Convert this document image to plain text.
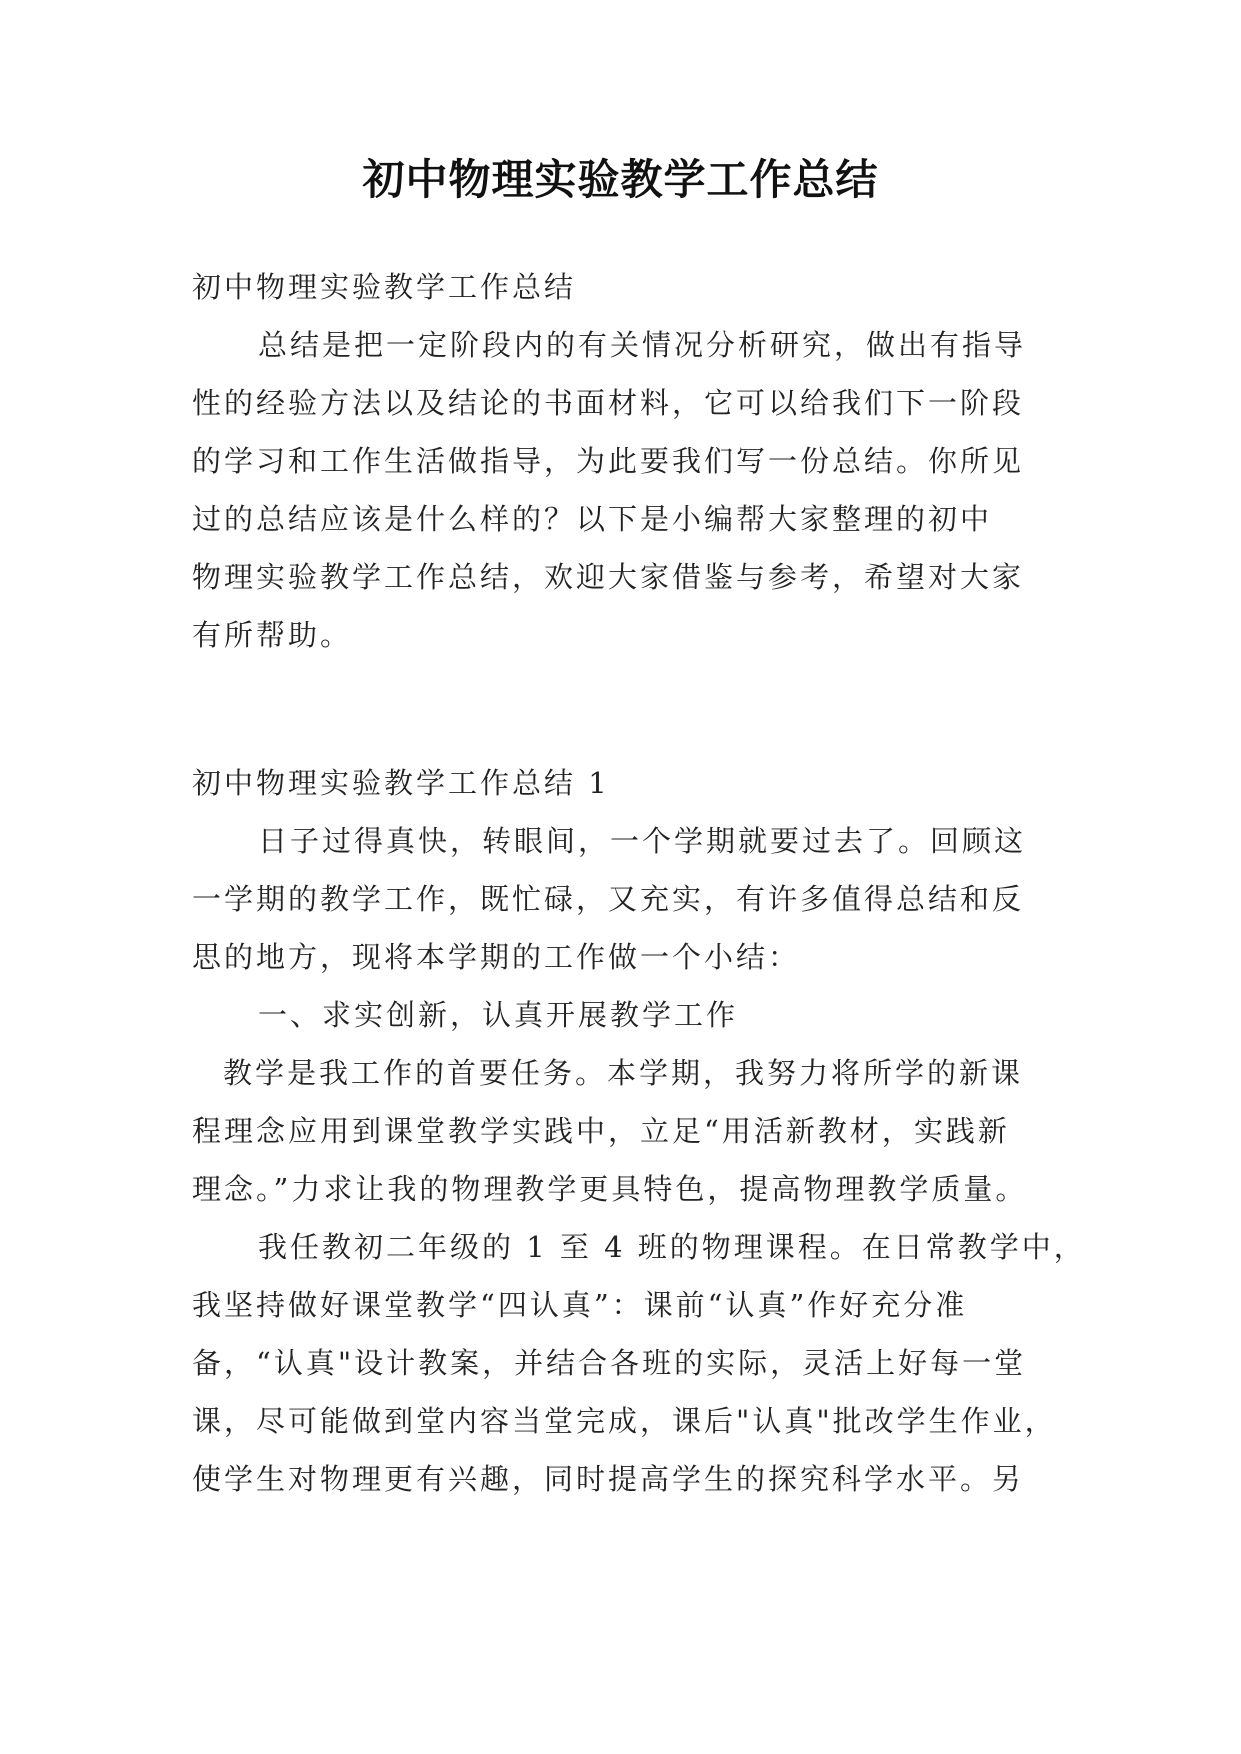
初中物理实验教学工作总结

初中物理实验教学工作总结

总结是把一定阶段内的有关情况分析研究，做出有指导

性的经验方法以及结论的书面材料，它可以给我们下一阶段

的学习和工作生活做指导，为此要我们写一份总结。你所见

过的总结应该是什么样的？以下是小编帮大家整理的初中

物理实验教学工作总结，欢迎大家借鉴与参考，希望对大家

有所帮助。

初中物理实验教学工作总结 1

日子过得真快，转眼间，一个学期就要过去了。回顾这

一学期的教学工作，既忙碌，又充实，有许多值得总结和反

思的地方，现将本学期的工作做一个小结：

一、求实创新，认真开展教学工作

教学是我工作的首要任务。本学期，我努力将所学的新课

程理念应用到课堂教学实践中，立足“用活新教材，实践新

理念。”力求让我的物理教学更具特色，提高物理教学质量。

我任教初二年级的 1 至 4 班的物理课程。在日常教学中，

我坚持做好课堂教学“四认真”：课前“认真”作好充分准

备，“认真"设计教案，并结合各班的实际，灵活上好每一堂

课，尽可能做到堂内容当堂完成，课后"认真"批改学生作业，

使学生对物理更有兴趣，同时提高学生的探究科学水平。另
